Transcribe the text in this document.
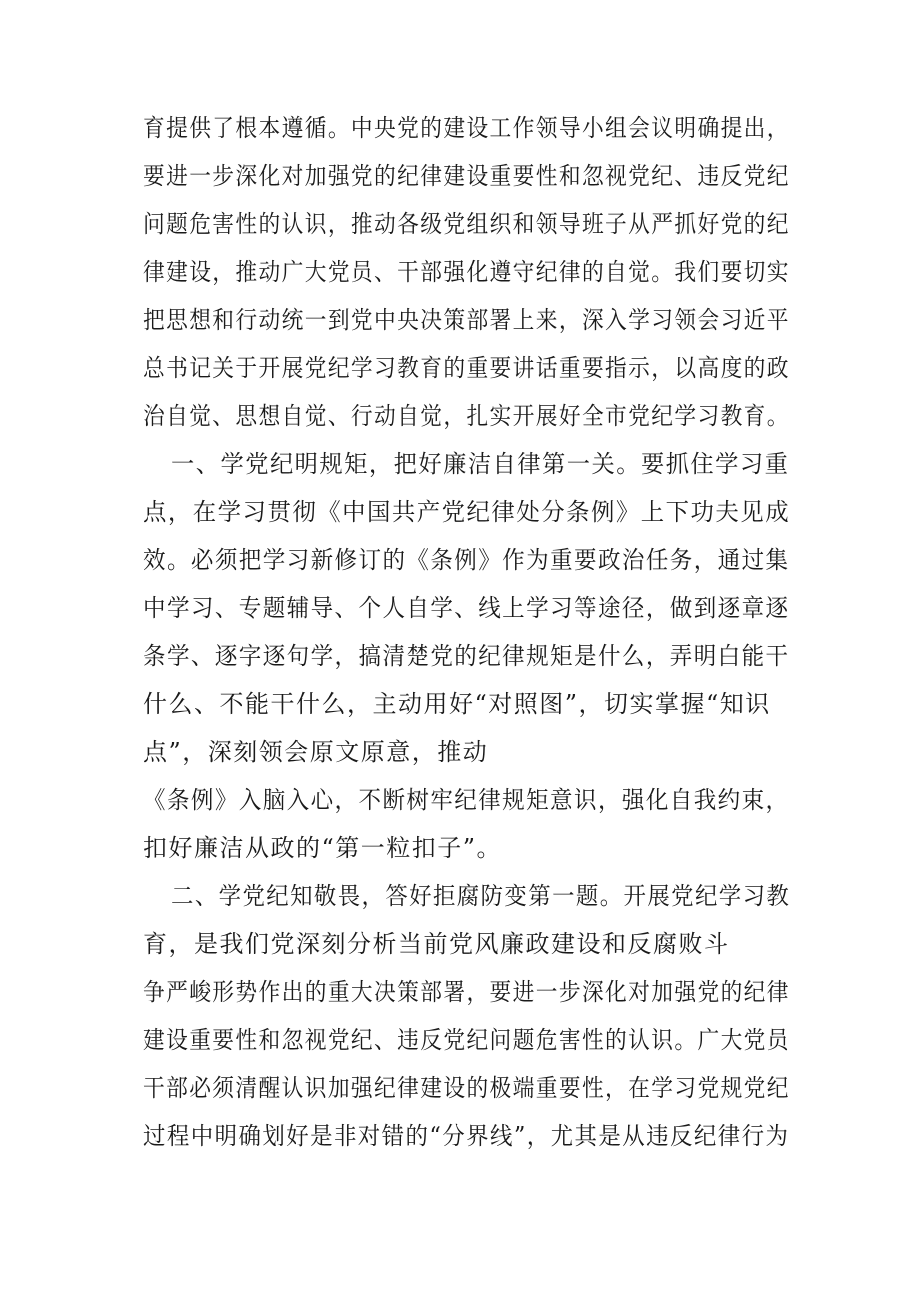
育提供了根本遵循。中央党的建设工作领导小组会议明确提出，
要进一步深化对加强党的纪律建设重要性和忽视党纪、违反党纪
问题危害性的认识，推动各级党组织和领导班子从严抓好党的纪
律建设，推动广大党员、干部强化遵守纪律的自觉。我们要切实
把思想和行动统一到党中央决策部署上来，深入学习领会习近平
总书记关于开展党纪学习教育的重要讲话重要指示，以高度的政
治自觉、思想自觉、行动自觉，扎实开展好全市党纪学习教育。
一、学党纪明规矩，把好廉洁自律第一关。要抓住学习重
点，在学习贯彻《中国共产党纪律处分条例》上下功夫见成
效。必须把学习新修订的《条例》作为重要政治任务，通过集
中学习、专题辅导、个人自学、线上学习等途径，做到逐章逐
条学、逐字逐句学，搞清楚党的纪律规矩是什么，弄明白能干
什么、不能干什么，主动用好“对照图”，切实掌握“知识
点”，深刻领会原文原意，推动
《条例》入脑入心，不断树牢纪律规矩意识，强化自我约束，
扣好廉洁从政的“第一粒扣子”。
二、学党纪知敬畏，答好拒腐防变第一题。开展党纪学习教
育，是我们党深刻分析当前党风廉政建设和反腐败斗
争严峻形势作出的重大决策部署，要进一步深化对加强党的纪律
建设重要性和忽视党纪、违反党纪问题危害性的认识。广大党员
干部必须清醒认识加强纪律建设的极端重要性，在学习党规党纪
过程中明确划好是非对错的“分界线”，尤其是从违反纪律行为
